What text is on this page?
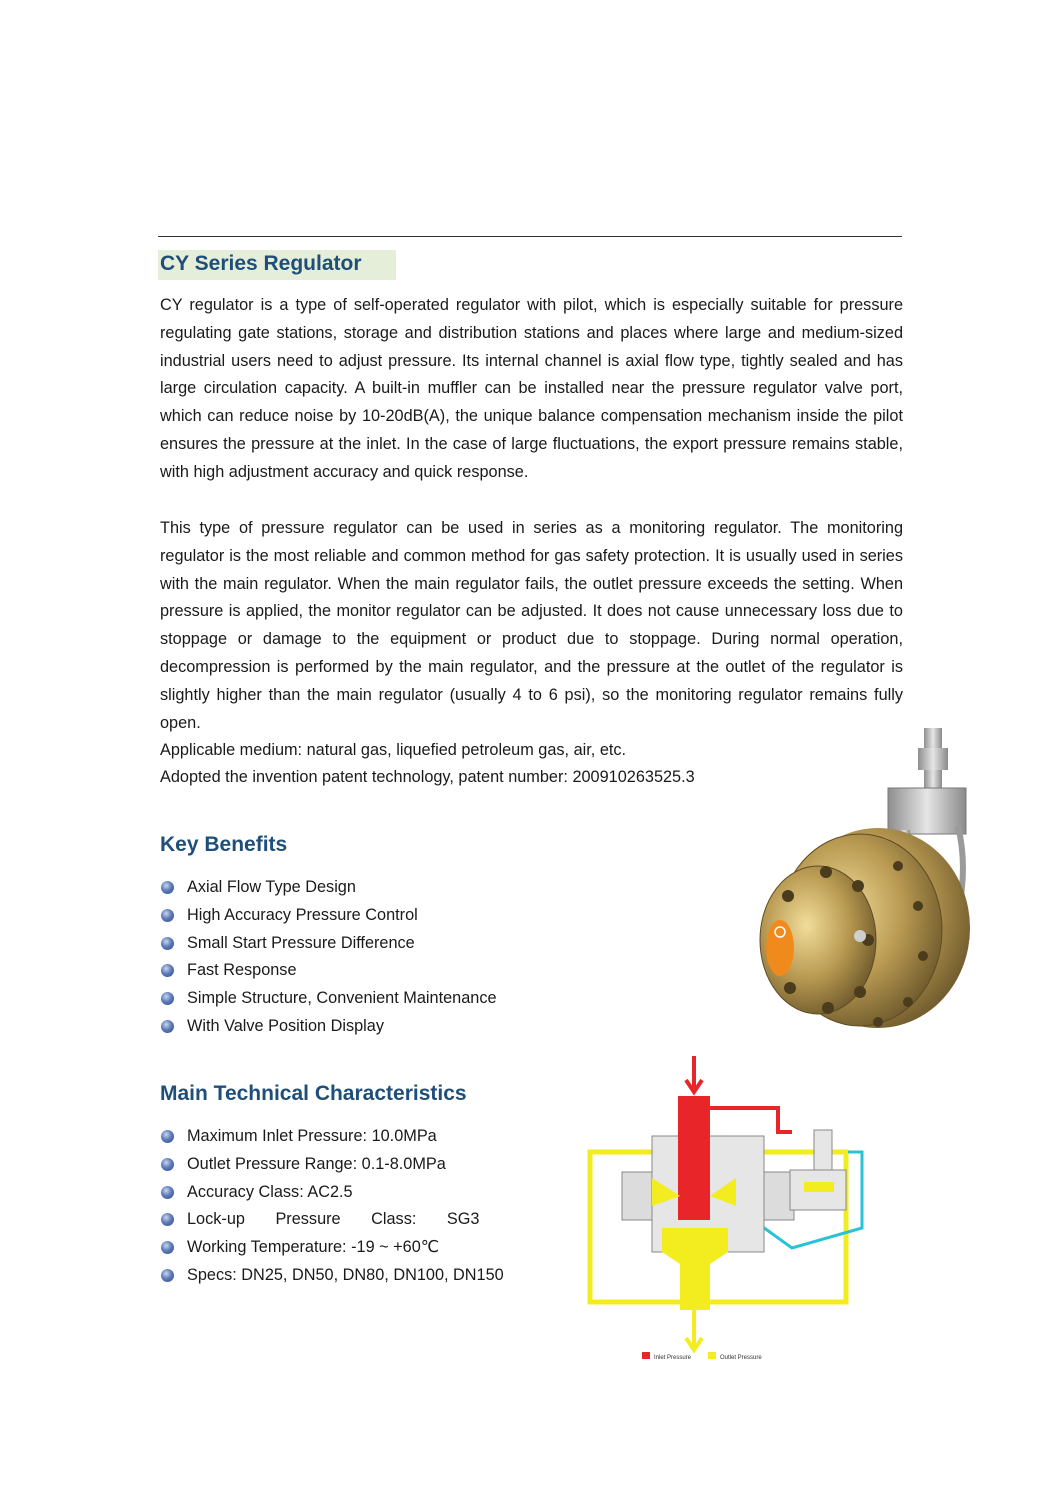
CY Series Regulator

CY regulator is a type of self-operated regulator with pilot, which is especially suitable for pressure regulating gate stations, storage and distribution stations and places where large and medium-sized industrial users need to adjust pressure. Its internal channel is axial flow type, tightly sealed and has large circulation capacity. A built-in muffler can be installed near the pressure regulator valve port, which can reduce noise by 10-20dB(A), the unique balance compensation mechanism inside the pilot ensures the pressure at the inlet. In the case of large fluctuations, the export pressure remains stable, with high adjustment accuracy and quick response.

This type of pressure regulator can be used in series as a monitoring regulator. The monitoring regulator is the most reliable and common method for gas safety protection. It is usually used in series with the main regulator. When the main regulator fails, the outlet pressure exceeds the setting. When pressure is applied, the monitor regulator can be adjusted. It does not cause unnecessary loss due to stoppage or damage to the equipment or product due to stoppage. During normal operation, decompression is performed by the main regulator, and the pressure at the outlet of the regulator is slightly higher than the main regulator (usually 4 to 6 psi), so the monitoring regulator remains fully open.

Applicable medium: natural gas, liquefied petroleum gas, air, etc.
Adopted the invention patent technology, patent number: 200910263525.3
Key Benefits
Axial Flow Type Design
High Accuracy Pressure Control
Small Start Pressure Difference
Fast Response
Simple Structure, Convenient Maintenance
With Valve Position Display
Main Technical Characteristics
Maximum Inlet Pressure: 10.0MPa
Outlet Pressure Range: 0.1-8.0MPa
Accuracy Class: AC2.5
Lock-up Pressure Class: SG3
Working Temperature: -19 ~ +60℃
Specs: DN25, DN50, DN80, DN100, DN150
Inlet Pressure	Outlet Pressure
